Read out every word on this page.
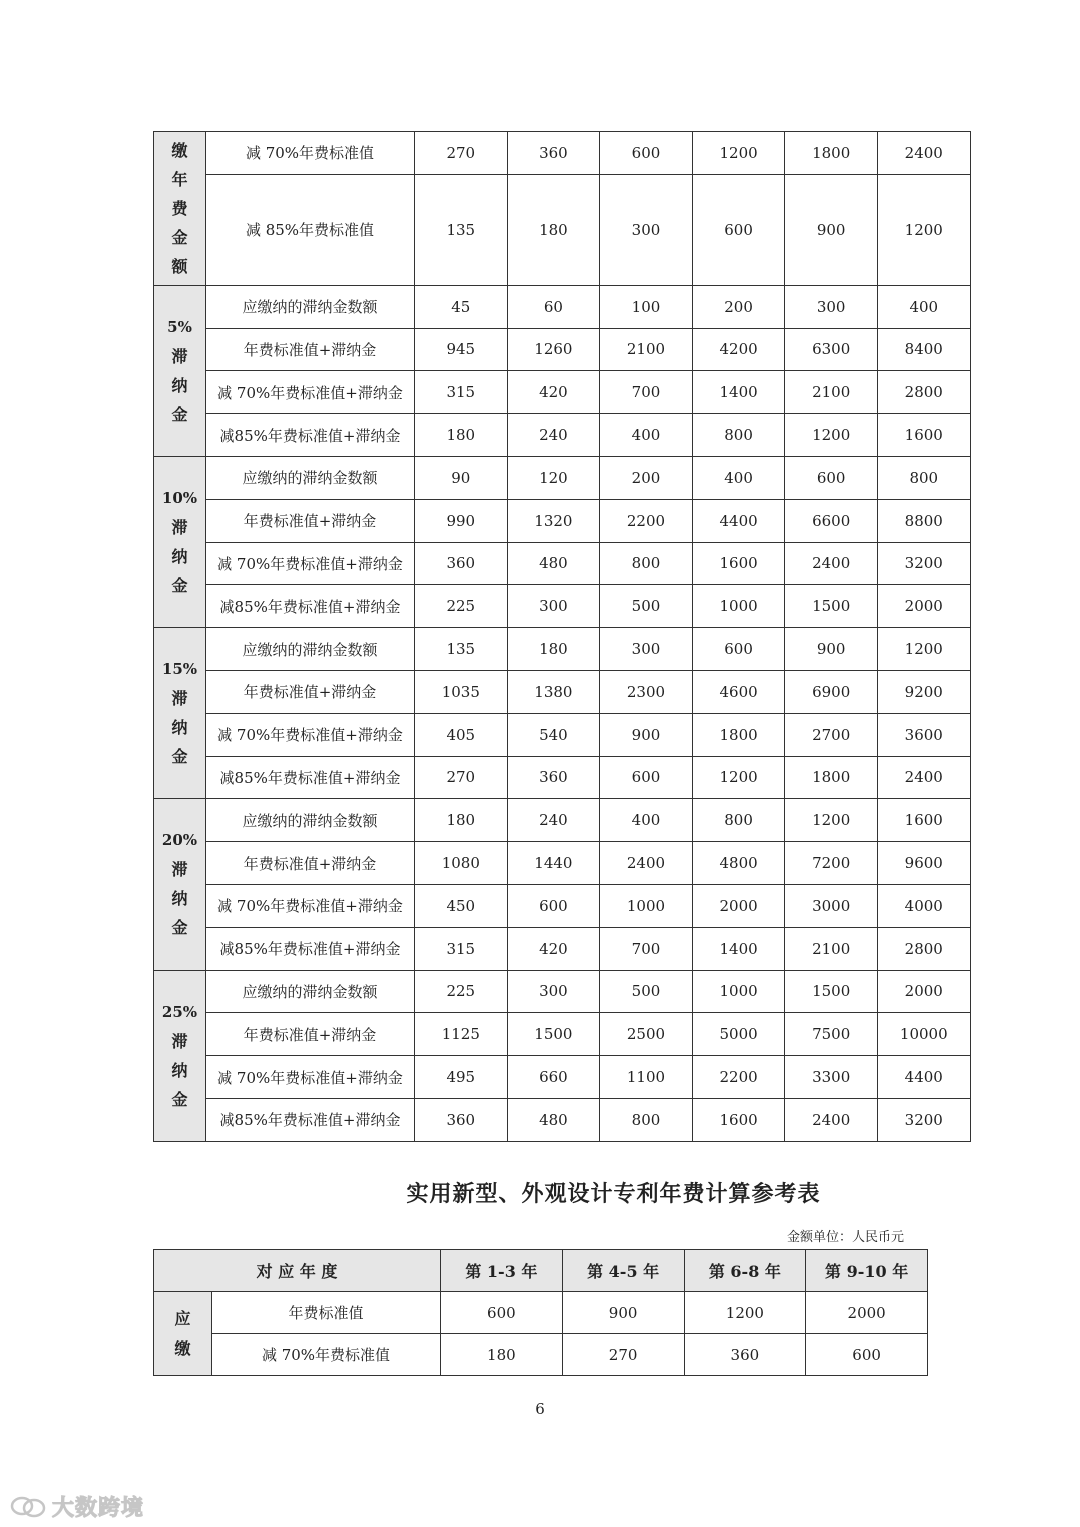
缴
年
费
金
额	减 70%年费标准值	270	360	600	1200	1800	2400
	减 85%年费标准值	135	180	300	600	900	1200

5%
滞
纳
金	应缴纳的滞纳金数额	45	60	100	200	300	400
	年费标准值+滞纳金	945	1260	2100	4200	6300	8400
	减 70%年费标准值+滞纳金	315	420	700	1400	2100	2800
	减85%年费标准值+滞纳金	180	240	400	800	1200	1600

10%
滞
纳
金	应缴纳的滞纳金数额	90	120	200	400	600	800
	年费标准值+滞纳金	990	1320	2200	4400	6600	8800
	减 70%年费标准值+滞纳金	360	480	800	1600	2400	3200
	减85%年费标准值+滞纳金	225	300	500	1000	1500	2000

15%
滞
纳
金	应缴纳的滞纳金数额	135	180	300	600	900	1200
	年费标准值+滞纳金	1035	1380	2300	4600	6900	9200
	减 70%年费标准值+滞纳金	405	540	900	1800	2700	3600
	减85%年费标准值+滞纳金	270	360	600	1200	1800	2400

20%
滞
纳
金	应缴纳的滞纳金数额	180	240	400	800	1200	1600
	年费标准值+滞纳金	1080	1440	2400	4800	7200	9600
	减 70%年费标准值+滞纳金	450	600	1000	2000	3000	4000
	减85%年费标准值+滞纳金	315	420	700	1400	2100	2800

25%
滞
纳
金	应缴纳的滞纳金数额	225	300	500	1000	1500	2000
	年费标准值+滞纳金	1125	1500	2500	5000	7500	10000
	减 70%年费标准值+滞纳金	495	660	1100	2200	3300	4400
	减85%年费标准值+滞纳金	360	480	800	1600	2400	3200
实用新型、外观设计专利年费计算参考表
金额单位：人民币元
对 应 年 度		第 1-3 年	第 4-5 年	第 6-8 年	第 9-10 年

应
缴	年费标准值	600	900	1200	2000
	减 70%年费标准值	180	270	360	600
6
大数跨境
